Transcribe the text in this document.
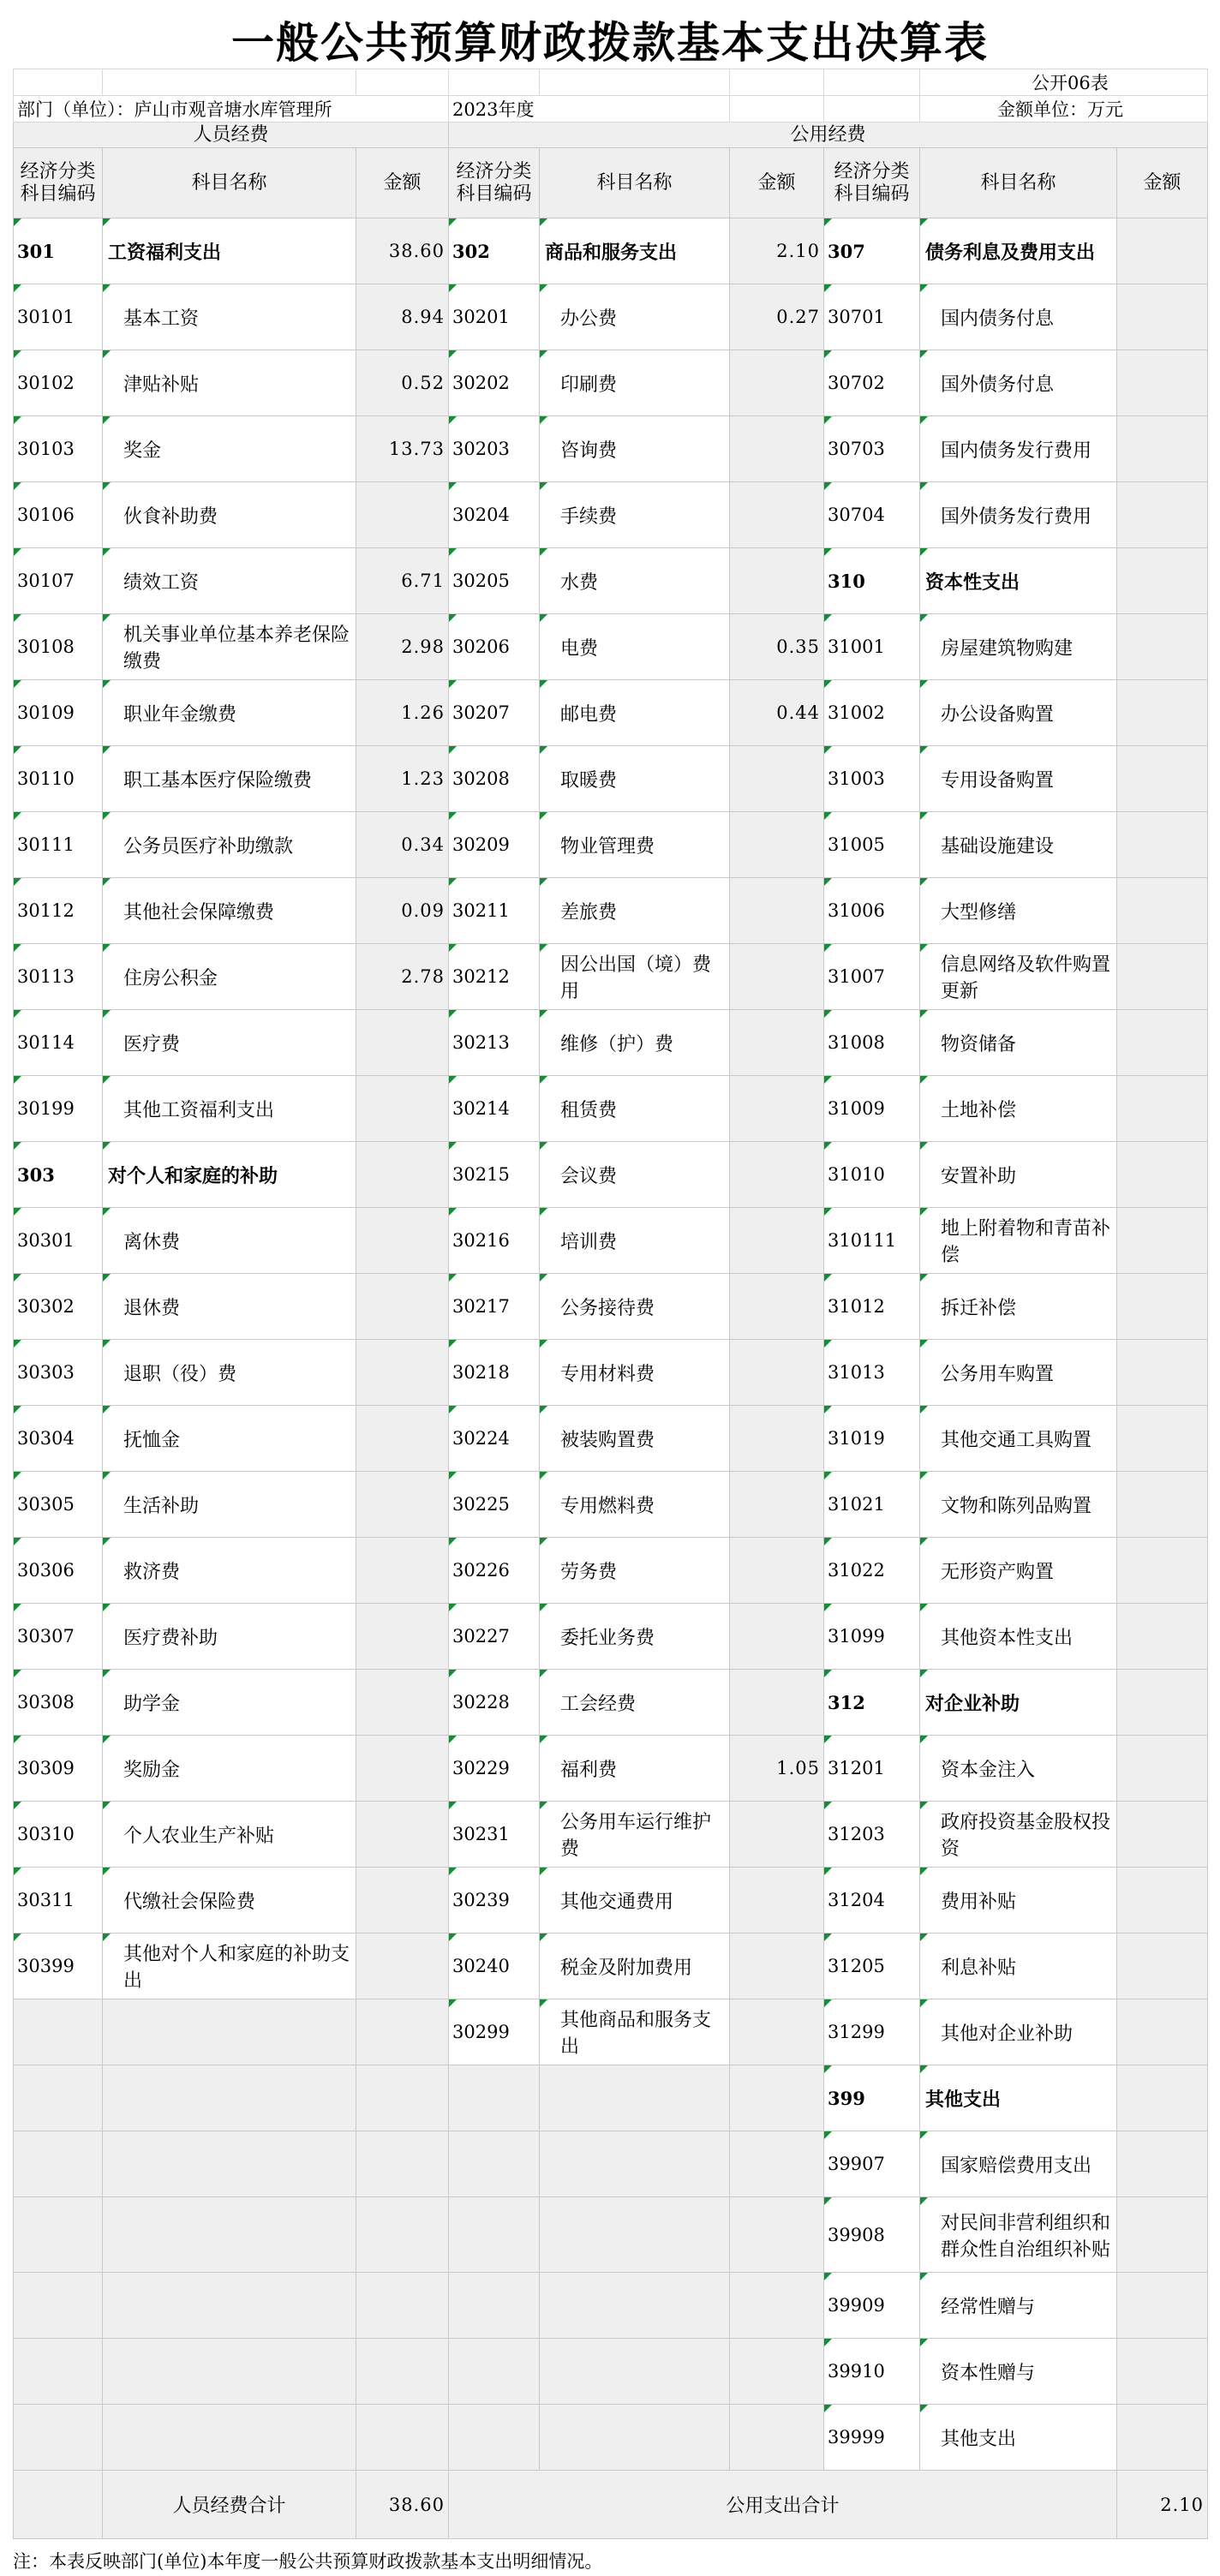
一般公共预算财政拨款基本支出决算表
							公开06表	
部门（单位）：庐山市观音塘水库管理所			2023年度				金额单位：万元	
人员经费			公用经费					
经济分类科目编码	科目名称	金额	经济分类科目编码	科目名称	金额	经济分类科目编码	科目名称	金额
301	工资福利支出	38.60	302	商品和服务支出	2.10	307	债务利息及费用支出	
30101	基本工资	8.94	30201	办公费	0.27	30701	国内债务付息	
30102	津贴补贴	0.52	30202	印刷费		30702	国外债务付息	
30103	奖金	13.73	30203	咨询费		30703	国内债务发行费用	
30106	伙食补助费		30204	手续费		30704	国外债务发行费用	
30107	绩效工资	6.71	30205	水费		310	资本性支出	
30108	机关事业单位基本养老保险缴费	2.98	30206	电费	0.35	31001	房屋建筑物购建	
30109	职业年金缴费	1.26	30207	邮电费	0.44	31002	办公设备购置	
30110	职工基本医疗保险缴费	1.23	30208	取暖费		31003	专用设备购置	
30111	公务员医疗补助缴款	0.34	30209	物业管理费		31005	基础设施建设	
30112	其他社会保障缴费	0.09	30211	差旅费		31006	大型修缮	
30113	住房公积金	2.78	30212	因公出国（境）费用		31007	信息网络及软件购置更新	
30114	医疗费		30213	维修（护）费		31008	物资储备	
30199	其他工资福利支出		30214	租赁费		31009	土地补偿	
303	对个人和家庭的补助		30215	会议费		31010	安置补助	
30301	离休费		30216	培训费		310111	地上附着物和青苗补偿	
30302	退休费		30217	公务接待费		31012	拆迁补偿	
30303	退职（役）费		30218	专用材料费		31013	公务用车购置	
30304	抚恤金		30224	被装购置费		31019	其他交通工具购置	
30305	生活补助		30225	专用燃料费		31021	文物和陈列品购置	
30306	救济费		30226	劳务费		31022	无形资产购置	
30307	医疗费补助		30227	委托业务费		31099	其他资本性支出	
30308	助学金		30228	工会经费		312	对企业补助	
30309	奖励金		30229	福利费	1.05	31201	资本金注入	
30310	个人农业生产补贴		30231	公务用车运行维护费		31203	政府投资基金股权投资	
30311	代缴社会保险费		30239	其他交通费用		31204	费用补贴	
30399	其他对个人和家庭的补助支出		30240	税金及附加费用		31205	利息补贴	
			30299	其他商品和服务支出		31299	其他对企业补助	
						399	其他支出	
						39907	国家赔偿费用支出	
						39908	对民间非营利组织和群众性自治组织补贴	
						39909	经常性赠与	
						39910	资本性赠与	
						39999	其他支出	
	人员经费合计	38.60	公用支出合计					2.10
注：本表反映部门(单位)本年度一般公共预算财政拨款基本支出明细情况。
